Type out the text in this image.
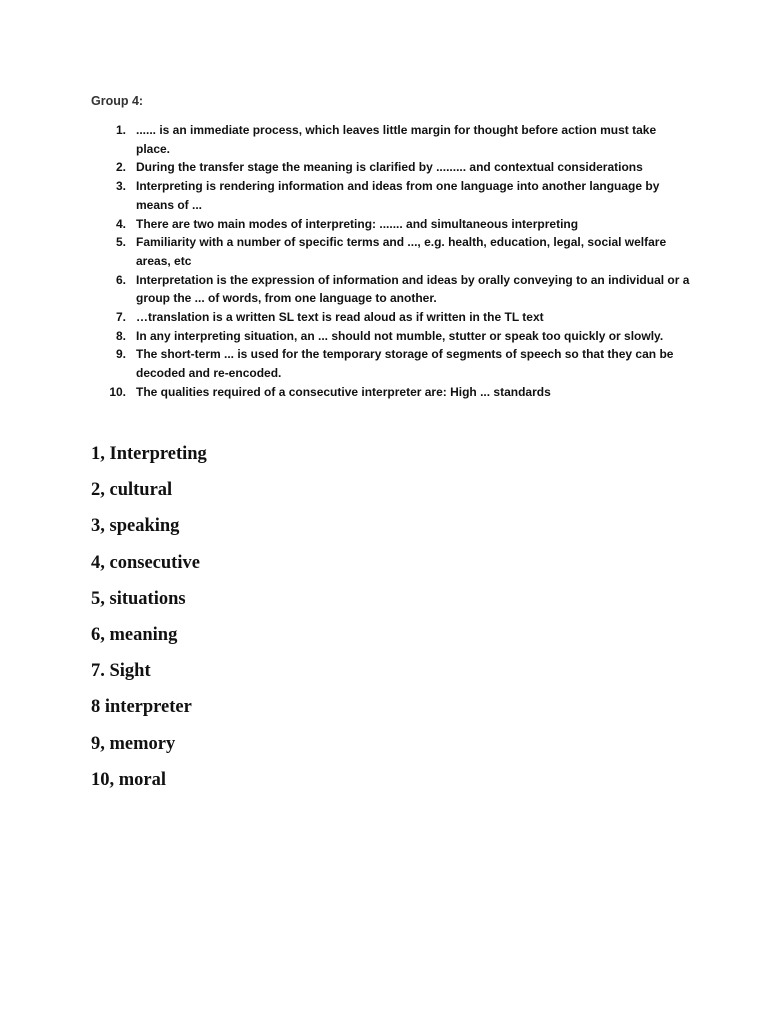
Group 4:

1. ...... is an immediate process, which leaves little margin for thought before action must take place.
2. During the transfer stage the meaning is clarified by ......... and contextual considerations
3. Interpreting is rendering information and ideas from one language into another language by means of ...
4. There are two main modes of interpreting: ....... and simultaneous interpreting
5. Familiarity with a number of specific terms and ..., e.g. health, education, legal, social welfare areas, etc
6. Interpretation is the expression of information and ideas by orally conveying to an individual or a group the ... of words, from one language to another.
7. …translation is a written SL text is read aloud as if written in the TL text
8. In any interpreting situation, an ... should not mumble, stutter or speak too quickly or slowly.
9. The short-term ... is used for the temporary storage of segments of speech so that they can be decoded and re-encoded.
10. The qualities required of a consecutive interpreter are: High ... standards
1, Interpreting
2, cultural
3, speaking
4, consecutive
5, situations
6, meaning
7. Sight
8 interpreter
9, memory
10, moral
